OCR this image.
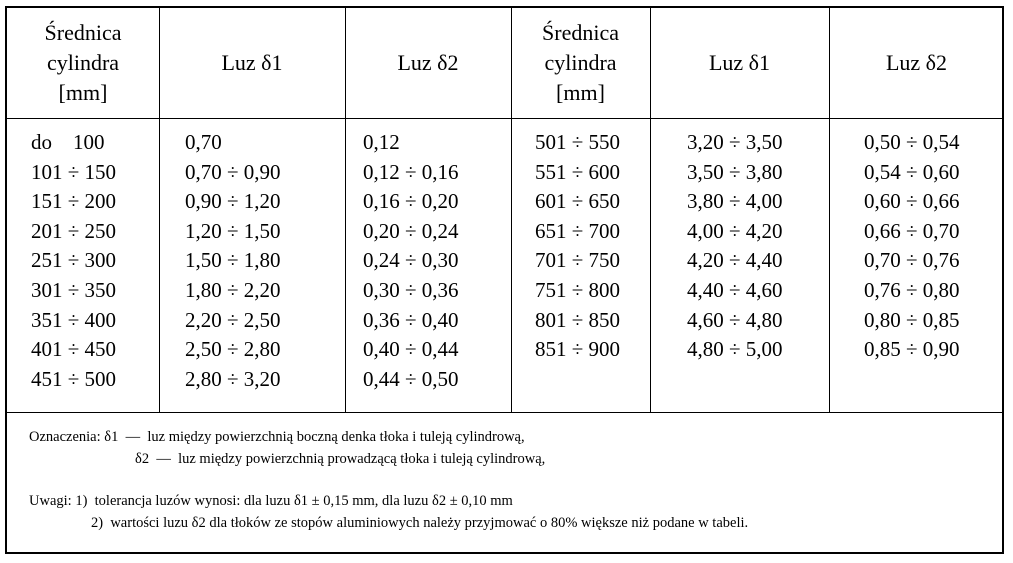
Średnica
cylindra
[mm]
Luz δ1	Luz δ2
Średnica
cylindra
[mm]
Luz δ1	Luz δ2
do    100
101 ÷ 150
151 ÷ 200
201 ÷ 250
251 ÷ 300
301 ÷ 350
351 ÷ 400
401 ÷ 450
451 ÷ 500
0,70
0,70 ÷ 0,90
0,90 ÷ 1,20
1,20 ÷ 1,50
1,50 ÷ 1,80
1,80 ÷ 2,20
2,20 ÷ 2,50
2,50 ÷ 2,80
2,80 ÷ 3,20
0,12
0,12 ÷ 0,16
0,16 ÷ 0,20
0,20 ÷ 0,24
0,24 ÷ 0,30
0,30 ÷ 0,36
0,36 ÷ 0,40
0,40 ÷ 0,44
0,44 ÷ 0,50
501 ÷ 550
551 ÷ 600
601 ÷ 650
651 ÷ 700
701 ÷ 750
751 ÷ 800
801 ÷ 850
851 ÷ 900
3,20 ÷ 3,50
3,50 ÷ 3,80
3,80 ÷ 4,00
4,00 ÷ 4,20
4,20 ÷ 4,40
4,40 ÷ 4,60
4,60 ÷ 4,80
4,80 ÷ 5,00
0,50 ÷ 0,54
0,54 ÷ 0,60
0,60 ÷ 0,66
0,66 ÷ 0,70
0,70 ÷ 0,76
0,76 ÷ 0,80
0,80 ÷ 0,85
0,85 ÷ 0,90
Oznaczenia: δ1  —  luz między powierzchnią boczną denka tłoka i tuleją cylindrową,
δ2  —  luz między powierzchnią prowadzącą tłoka i tuleją cylindrową,
Uwagi: 1)  tolerancja luzów wynosi: dla luzu δ1 ± 0,15 mm, dla luzu δ2 ± 0,10 mm
2)  wartości luzu δ2 dla tłoków ze stopów aluminiowych należy przyjmować o 80% większe niż podane w tabeli.
